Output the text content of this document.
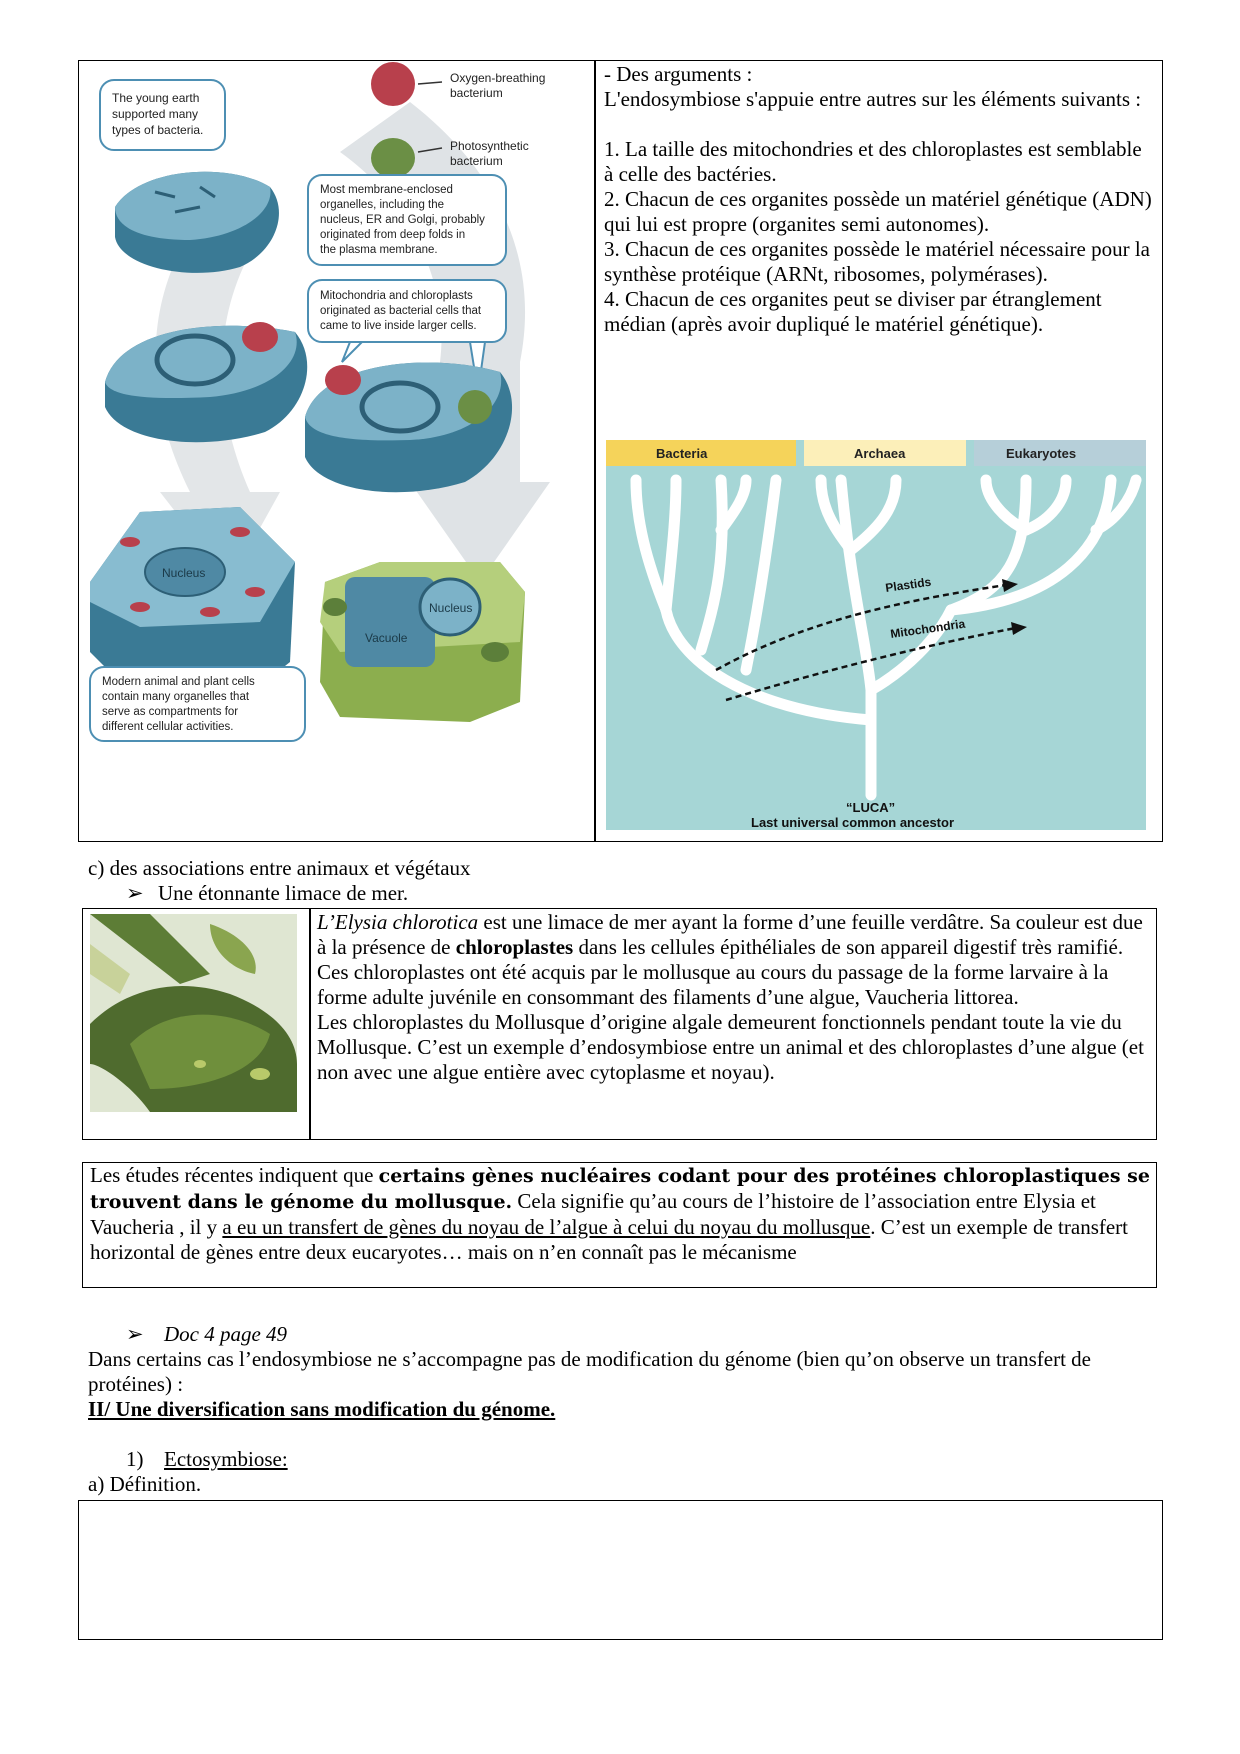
The young earth supported many types of bacteria.
Oxygen-breathing bacterium
Photosynthetic bacterium
Most membrane-enclosed organelles, including the nucleus, ER and Golgi, probably originated from deep folds in the plasma membrane.
Mitochondria and chloroplasts originated as bacterial cells that came to live inside larger cells.
Nucleus
Nucleus
Vacuole
Modern animal and plant cells contain many organelles that serve as compartments for different cellular activities.
- Des arguments :
L'endosymbiose s'appuie entre autres sur les éléments suivants :
1. La taille des mitochondries et des chloroplastes est semblable à celle des bactéries.
2. Chacun de ces organites possède un matériel génétique (ADN) qui lui est propre (organites semi autonomes).
3. Chacun de ces organites possède le matériel nécessaire pour la synthèse protéique (ARNt, ribosomes, polymérases).
4. Chacun de ces organites peut se diviser par étranglement médian (après avoir dupliqué le matériel génétique).
Bacteria	Archaea	Eukaryotes
Plastids
Mitochondria
“LUCA”
Last universal common ancestor
c) des associations entre animaux et végétaux
➢ Une étonnante limace de mer.

L’Elysia chlorotica est une limace de mer ayant la forme d’une feuille verdâtre. Sa couleur est due à la présence de chloroplastes dans les cellules épithéliales de son appareil digestif très ramifié. Ces chloroplastes ont été acquis par le mollusque au cours du passage de la forme larvaire à la forme adulte juvénile en consommant des filaments d’une algue, Vaucheria littorea.

Les chloroplastes du Mollusque d’origine algale demeurent fonctionnels pendant toute la vie du Mollusque. C’est un exemple d’endosymbiose entre un animal et des chloroplastes d’une algue (et non avec une algue entière avec cytoplasme et noyau).

Les études récentes indiquent que certains gènes nucléaires codant pour des protéines chloroplastiques se trouvent dans le génome du mollusque. Cela signifie qu’au cours de l’histoire de l’association entre Elysia et Vaucheria , il y a eu un transfert de gènes du noyau de l’algue à celui du noyau du mollusque. C’est un exemple de transfert horizontal de gènes entre deux eucaryotes… mais on n’en connaît pas le mécanisme

➢ Doc 4 page 49
Dans certains cas l’endosymbiose ne s’accompagne pas de modification du génome (bien qu’on observe un transfert de protéines) :
II/ Une diversification sans modification du génome.
1) Ectosymbiose:
a) Définition.
